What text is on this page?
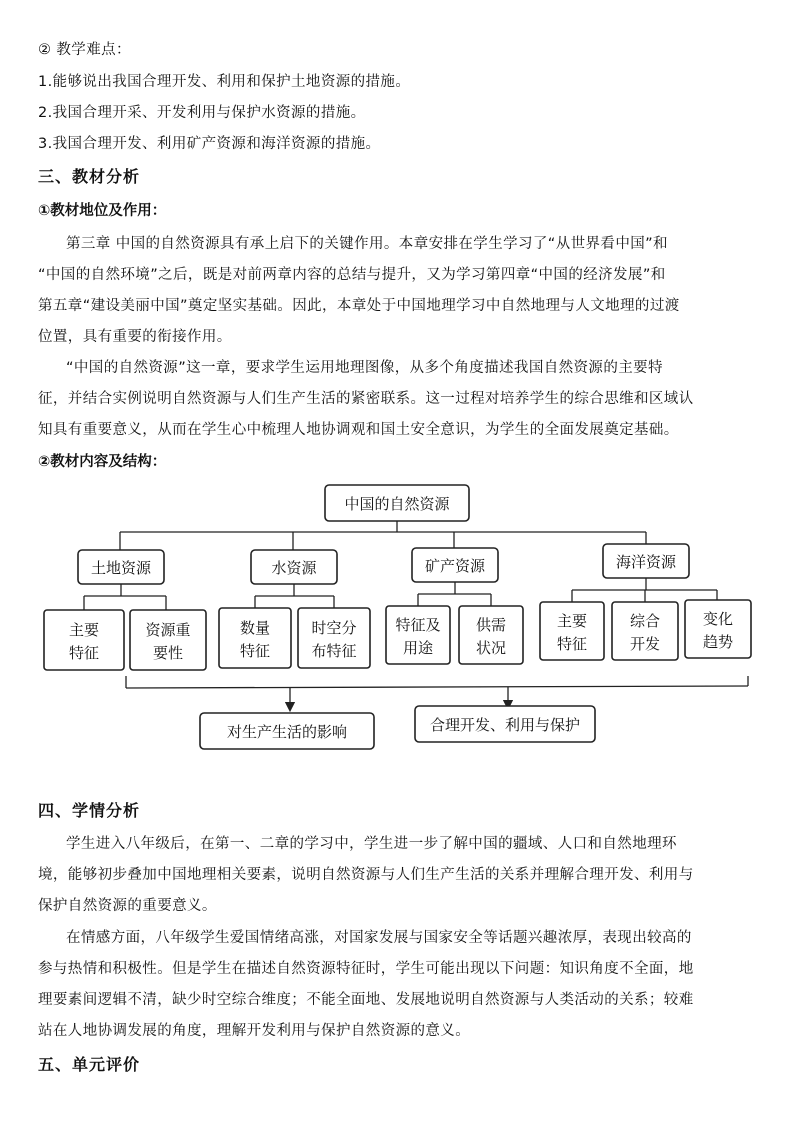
② 教学难点：
1.能够说出我国合理开发、利用和保护土地资源的措施。
2.我国合理开采、开发利用与保护水资源的措施。
3.我国合理开发、利用矿产资源和海洋资源的措施。
三、教材分析
①教材地位及作用：
第三章 中国的自然资源具有承上启下的关键作用。本章安排在学生学习了“从世界看中国”和
“中国的自然环境”之后，既是对前两章内容的总结与提升，又为学习第四章“中国的经济发展”和
第五章“建设美丽中国”奠定坚实基础。因此，本章处于中国地理学习中自然地理与人文地理的过渡
位置，具有重要的衔接作用。
“中国的自然资源”这一章，要求学生运用地理图像，从多个角度描述我国自然资源的主要特
征，并结合实例说明自然资源与人们生产生活的紧密联系。这一过程对培养学生的综合思维和区域认
知具有重要意义，从而在学生心中梳理人地协调观和国土安全意识，为学生的全面发展奠定基础。
②教材内容及结构：
中国的自然资源
土地资源	水资源	矿产资源	海洋资源
主要
特征
资源重
要性
数量
特征
时空分
布特征
特征及
用途
供需
状况
主要
特征
综合
开发
变化
趋势
对生产生活的影响	合理开发、利用与保护
四、学情分析
学生进入八年级后，在第一、二章的学习中，学生进一步了解中国的疆域、人口和自然地理环
境，能够初步叠加中国地理相关要素，说明自然资源与人们生产生活的关系并理解合理开发、利用与
保护自然资源的重要意义。
在情感方面，八年级学生爱国情绪高涨，对国家发展与国家安全等话题兴趣浓厚，表现出较高的
参与热情和积极性。但是学生在描述自然资源特征时，学生可能出现以下问题：知识角度不全面，地
理要素间逻辑不清，缺少时空综合维度；不能全面地、发展地说明自然资源与人类活动的关系；较难
站在人地协调发展的角度，理解开发利用与保护自然资源的意义。
五、单元评价
